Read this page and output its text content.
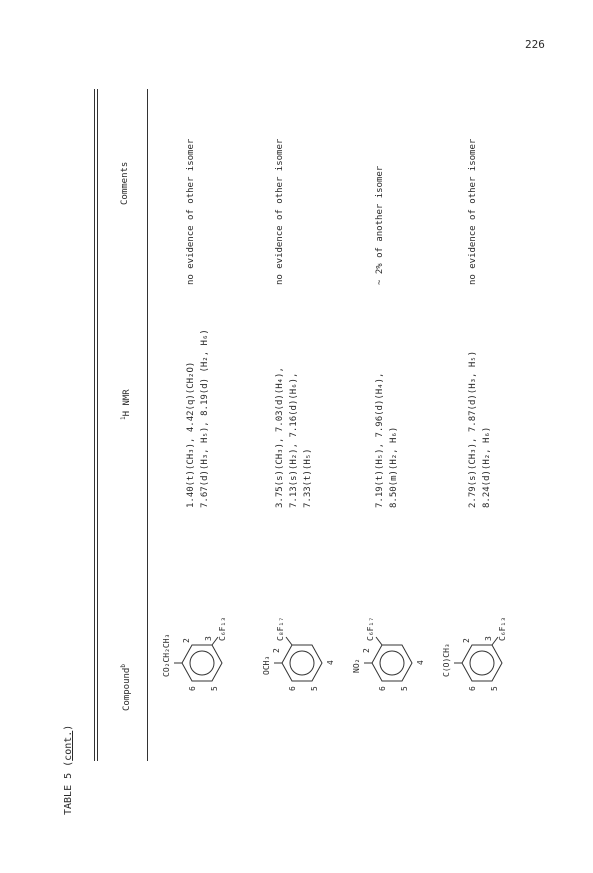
226
TABLE 5 (cont.)
Compound$^b$
$^1$H NMR
Comments
CO₂CH₂CH₃
C₆F₁₃
6 5
3
2
1.40(t)(CH₃), 4.42(q)(CH₂O) 7.67(d)(H₃, H₅), 8.19(d) (H₂, H₆)
no evidence of other isomer
OCH₃
C₈F₁₇
6 5
4
2
3.75(s)(CH₃), 7.03(d)(H₄), 7.13(s)(H₂), 7.16(d)(H₆), 7.33(t)(H₅)
no evidence of other isomer
NO₂
C₆F₁₇
6 5
4
2
7.19(t)(H₅), 7.96(d)(H₄), 8.50(m)(H₂, H₆)
~ 2% of another isomer
C(O)CH₃
C₆F₁₃
6 5
3
2
2.79(s)(CH₃), 7.87(d)(H₃, H₅) 8.24(d)(H₂, H₆)
no evidence of other isomer
